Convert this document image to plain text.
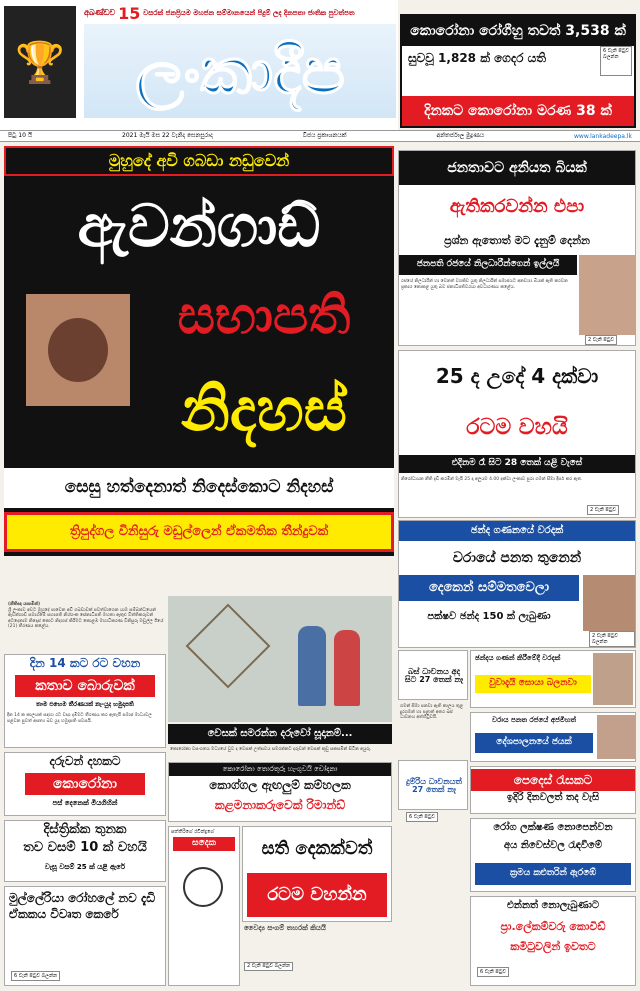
🏆
අඛණ්ඩව
15
වසරක් ජනප්‍රියම මහජන සම්මානයෙන් පිදුම් ලද දිනපතා ජාතික පුවත්පත
ලංකාදීප
පිටු 10 යි	2021 මැයි මස 22 වැනිදා සෙනසුරාදා	විජය ප්‍රකාශනයක්	අන්තර්ජාල මුද්‍රණය	www.lankadeepa.lk
කොරෝනා රෝගීහු තවත් 3,538 ක්
සුවවූ 1,828 ක් ගෙදර යති	6 වැනි පිටුව බලන්න
දිනකට කොරෝනා මරණ 38 ක්
මුහුදේ අවි ගබඩා නඩුවෙන්
ඇවන්ගාඩ්
සභාපති
නිදහස්
සෙසු හත්දෙනාත් නිදෙස්කොට නිදහස්
ත්‍රිපුද්ගල විනිසුරු මඩුල්ලෙන් ඒකමතික තීන්දුවක්
(නීතිඥ යාපමින්)
ශ්‍රී ලංකාව අවට මුහුදේ පාවෙන අවි ගබඩාවක් පවත්වාගෙන යාම සම්බන්ධයෙන් ඇවන්ගාඩ් සමාගමේ සභාපති නිශ්ශංක සේනාධිපති මහතා ඇතුළු විත්තිකරුවන් අටදෙනාම නිදොස් කොට නිදහස් කිරීමට කොළඹ මහාධිකරණ විනිසුරු මඩුල්ල ඊයේ (21) තීරණය කළේය.
වෙසක් සමරන්න දරුවෝ සූදානම්...
කොරෝනා වසංගතය මධ්‍යයේ වුව ද වෙසක් උත්සවය සමරන්නට දරුවන් වෙසක් කූඩු සකසමින් සිටින අයුරු.
දින 14 කට රට වහන
කතාව බොරුවක්
තාම එහෙම තීරණයක් නෑ-යුද හමුදාපති
දින 14 ක කාලයක් සඳහා රට වසා දැමීමට තීරණය කර ඇතැයි සමාජ මාධ්‍යවල පළවන පුවත් අසත්‍ය බව යුද හමුදාපති පවසයි.
දරුවන් දහකට
කොරෝනා
පස් දෙනෙක් මියගිහින්
දිස්ත්‍රික්ක තුනක
තව වසම් 10 ක් වහයි
වැසූ වසම් 25 ක් යළි ඇරේ
මුල්ලේරියා රෝහලේ නව දැඩි ඒකකය විවෘත කෙරේ
6 වැනි පිටුව බලන්න
කොරෝනා තොරතුරු හැංගුවයි චෝදනා
කොග්ගල ඇඟලුම් කම්හලක
කළමනාකරුවෙක් රිමාන්ඩ්
පත්තිරිගේ රවින්ද්‍රගේ
සදෙක	සති දෙකක්වත්
රටම වහන්න
වෛද්‍ය සංගම් තහරක් කියයි
2 වැනි පිටුව බලන්න
ජනතාවට අනියත බියක්
ඇතිකරවන්න එපා
ප්‍රශ්න ඇතොත් මට දැනුම් දෙන්න
ජනපති රජයේ නිලධාරීන්ගෙන් ඉල්ලයි
රජයේ නිලධාරීන් හා වෙනත් වගකිව යුතු නිලධාරීන් සමාජයට අනවශ්‍ය බියක් ඇති කරවන ප්‍රකාශ නොකළ යුතු බව ජනාධිපතිවරයා අවධාරණය කළේය.
2 වැනි පිටුව
25 ද උදේ 4 දක්වා
රටම වහයි
එදිනම රෑ සිට 28 තෙක් යළි වැසේ
නිරෝධායන නීති දැඩි කරමින් මැයි 25 දා අලුයම 4.00 දක්වා ලංකාව පුරා ගමන් සීමා දීර්ඝ කර ඇත.
2 වැනි පිටුව
ඡන්ද ගණනයේ වරදක්
වරායේ පනත තුනෙන්
දෙකෙන් සම්මතවෙලා
පක්ෂව ඡන්ද 150 ක් ලැබුණා
2 වැනි පිටුව බලන්න
බස් ධාවනය අද සිට 27 තෙක් නෑ
ගමන් සීමා පනවා ඇති කාලය තුළ දුරගමන් හා පළාත් අතර බස් ධාවනය අත්හිටුවයි.
දුම්රිය ධාවනයත් 27 තෙක් නෑ
6 වැනි පිටුව
ඡන්දය ගණන් කිරීමේදී වරදක්
වුවාදැයි සොයා බලනවා
වරාය පනත රජයේ අජමීහත්
දේශපාලනයේ ජයක්
පෙදෙස් රැසකට
ඉදිරි දිනවලත් තද වැසි
රෝග ලක්ෂණ නොපෙන්වන
අය නිවෙස්වල රැඳවීමේ
ක්‍රමය කළුතරින් ඇරඹේ
එන්නත් නොලැබුණාට
ප්‍රා.ලේකම්වරු කොවිඩ්
කමිටුවලින් ඉවතට
6 වැනි පිටුව
